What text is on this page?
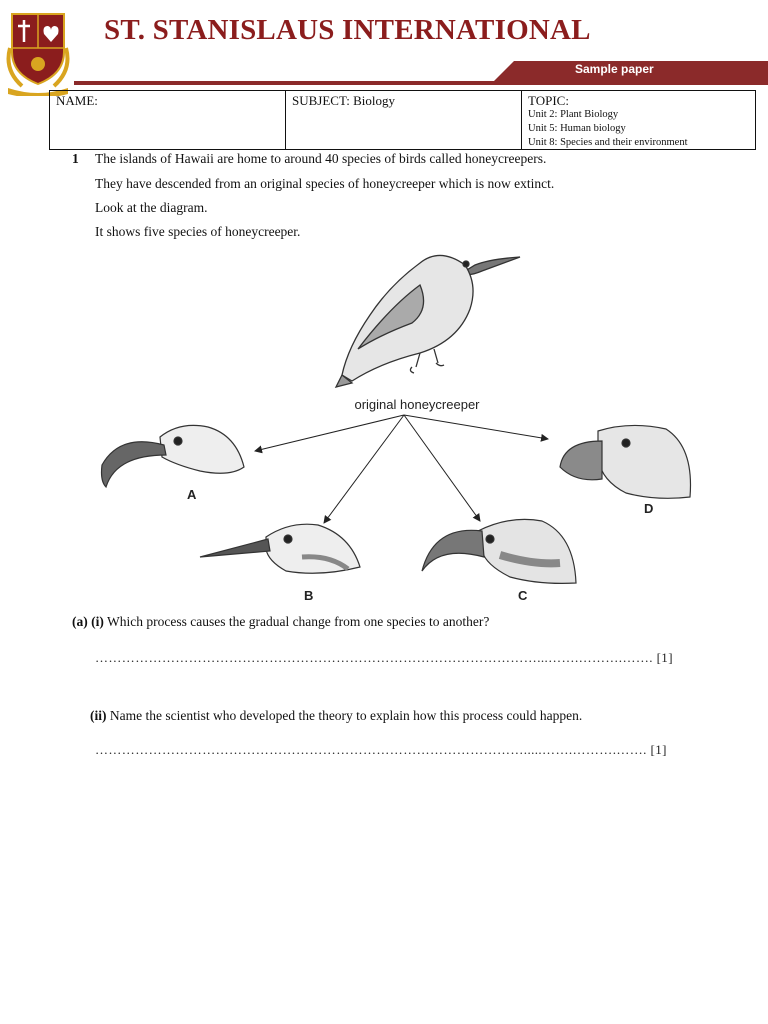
ST. STANISLAUS INTERNATIONAL
Sample paper
NAME:	SUBJECT: Biology	TOPIC:
Unit 2: Plant Biology
Unit 5: Human biology
Unit 8: Species and their environment
1 The islands of Hawaii are home to around 40 species of birds called honeycreepers.
They have descended from an original species of honeycreeper which is now extinct.
Look at the diagram.
It shows five species of honeycreeper.
original honeycreeper
A
B	C
D
(a) (i) Which process causes the gradual change from one species to another?
………………………………………………………………………………………...…….……….……. [1]
(ii) Name the scientist who developed the theory to explain how this process could happen.
…………………………………………………………………………………….....…….……….……. [1]
